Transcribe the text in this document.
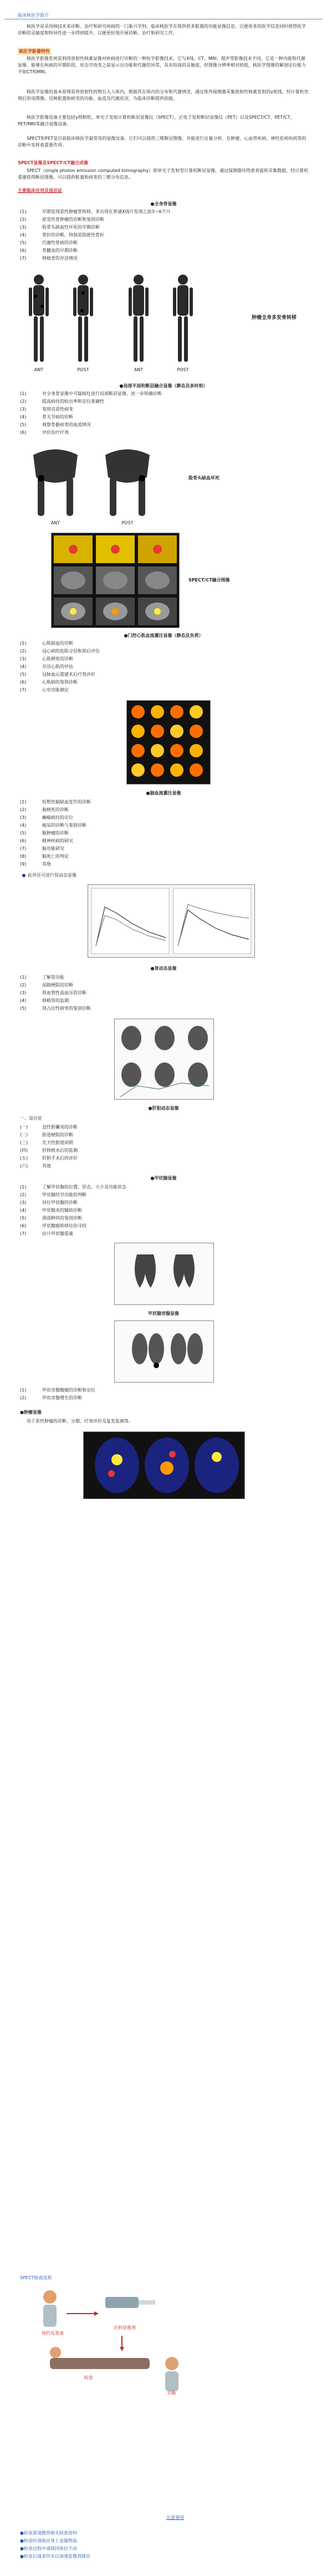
临床核医学简介
核医学是采用核技术来诊断、治疗和研究疾病的一门新兴学科。临床核医学在提供很多脏器的功能显像信息，以便更多的医学信息同时使得医学诊断的灵敏度和特异性进一步得到提升，以便更好地开展诊断、治疗和研究工作。
核医学影像特性
核医学影像系统是利用放射性核素显像对疾病进行诊断的一种医学影像技术。它与X线、CT、MRI、超声等影像技术不同，它是一种功能和代谢显像，能够在疾病的早期阶段、形态学改变之前显示出功能和代谢的异常，具有较高的灵敏度，但图像分辨率相对较低，核医学图像的解剖定位能力不如CT和MRI。
核医学显像的基本原理是将放射性药物引入人体内，根据其在体内的分布和代谢情况，通过体外探测器采集放射性核素发射的γ射线，经计算机处理后形成图像，反映脏器和病变的功能、血流及代谢状况，为临床诊断提供依据。
核医学影像设备主要包括γ照相机、单光子发射计算机断层显像仪（SPECT）、正电子发射断层显像仪（PET）以及SPECT/CT、PET/CT、PET/MRI等融合显像设备。
SPECT和PET是目前临床核医学最常用的显像设备。它们可以提供三维断层图像，并能进行定量分析，在肿瘤、心血管疾病、神经系统疾病等的诊断中发挥着重要作用。
SPECT显像及SPECT/CT融合成像
SPECT（single photon emission computed tomography）即单光子发射型计算机断层显像，通过探测器环绕患者旋转采集数据，经计算机重建获得断层图像，可以提供脏器和病变的三维分布信息。
主要临床应用及适应证
●全身骨显像
(1)	早期发现恶性肿瘤骨转移，多出现在普通X线片发现之前3～6个月
(2)	原发性骨肿瘤的诊断和鉴别诊断
(3)	股骨头缺血性坏死的早期诊断
(4)	骨折的诊断，特别是隐匿性骨折
(5)	代谢性骨病的诊断
(6)	骨髓炎的早期诊断
(7)	移植骨的存活情况
ANT	POST	ANT	POST
肿瘤全身多发骨转移
●局部平面和断层融合显像（静态及多时相）
(1)	对全身骨显像中可疑病灶进行局部断层显像，进一步明确诊断
(2)	提高病灶的检出率和定位准确性
(3)	鉴别良恶性病变
(4)	骨关节病的诊断
(5)	观察骨骼病变的血流情况
(6)	评价治疗疗效
ANT	POST
股骨头缺血坏死
SPECT/CT融合图像
●门控心肌血流灌注显像（静态及负荷）
(1)	心肌缺血的诊断
(2)	冠心病的危险分层和预后评估
(3)	心肌梗死的诊断
(4)	存活心肌的评估
(5)	冠脉血运重建术后疗效评价
(6)	心肌病的鉴别诊断
(7)	心室功能测定
●脑血流灌注显像
(1)	短暂性脑缺血发作的诊断
(2)	脑梗死的诊断
(3)	癫痫病灶的定位
(4)	痴呆的诊断与鉴别诊断
(5)	脑肿瘤的诊断
(6)	精神疾病的研究
(7)	脑功能研究
(8)	脑死亡的判定
(9)	其他
此外还可进行肾动态显像
●肾动态显像
(1)	了解肾功能
(2)	尿路梗阻的诊断
(3)	肾血管性高血压的诊断
(4)	移植肾的监测
(5)	肾占位性病变的鉴别诊断
●肝胆动态显像
一、适应症
(一)	急性胆囊炎的诊断
(二)	胆道梗阻的诊断
(三)	先天性胆道闭锁
(四)	肝移植术后的监测
(五)	肝胆手术后的评价
(六)	其他
●甲状腺显像
(1)	了解甲状腺的位置、形态、大小及功能状态
(2)	甲状腺结节功能的判断
(3)	异位甲状腺的诊断
(4)	甲状腺炎的辅助诊断
(5)	颈部肿块的鉴别诊断
(6)	甲状腺癌转移灶的寻找
(7)	估计甲状腺重量
甲状腺旁腺显像
(1)	甲状旁腺腺瘤的诊断和定位
(2)	甲状旁腺增生的诊断
●肿瘤显像
用于恶性肿瘤的诊断、分期、疗效评价及复发监测等。
SPECT检查流程
预约及准备
注射显像剂
检查
诊断
●检查前请携带相关检查资料
●检查时请取出身上金属物品
●检查过程中请保持体位不动
●检查后请多饮水以加速显像剂排出
注意事项
